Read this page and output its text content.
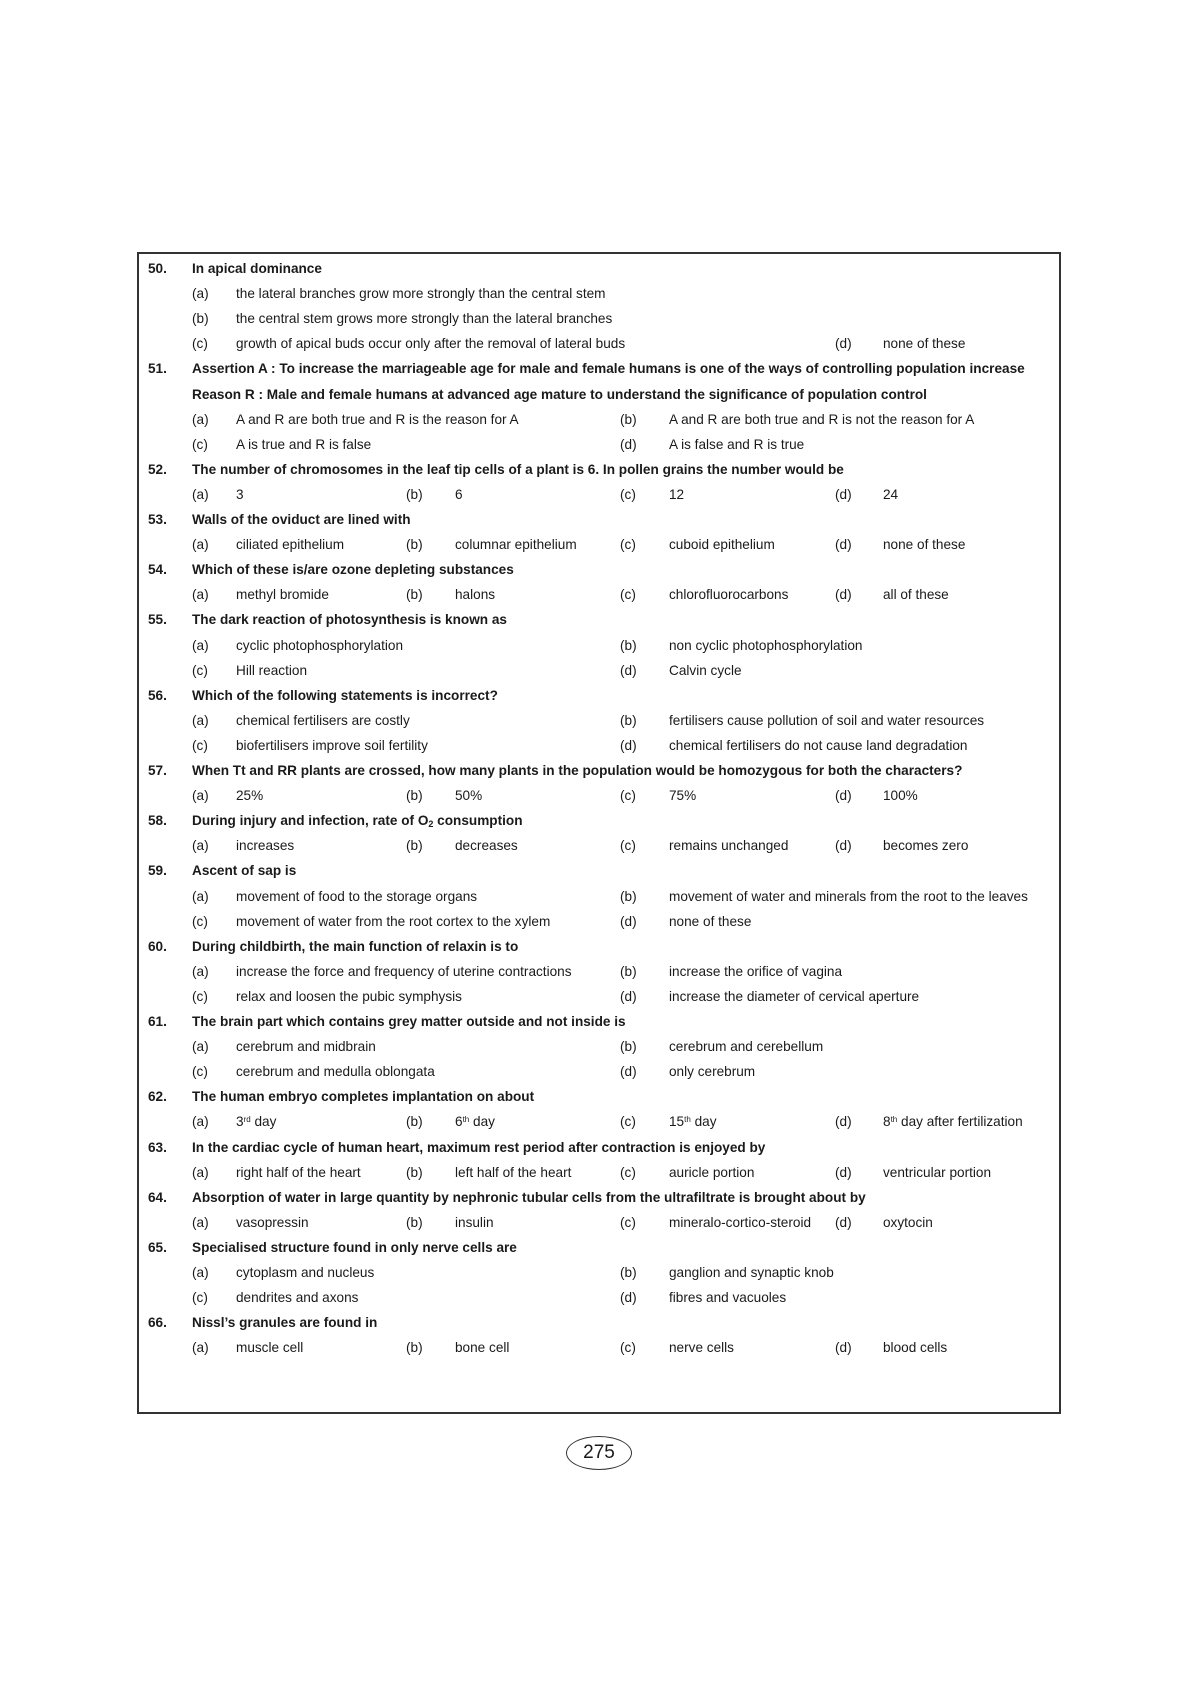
50. In apical dominance
(a) the lateral branches grow more strongly than the central stem
(b) the central stem grows more strongly than the lateral branches
(c) growth of apical buds occur only after the removal of lateral buds	(d) none of these
51. Assertion A : To increase the marriageable age for male and female humans is one of the ways of controlling population increase
Reason R : Male and female humans at advanced age mature to understand the significance of population control
(a) A and R are both true and R is the reason for A	(b) A and R are both true and R is not the reason for A
(c) A is true and R is false	(d) A is false and R is true
52. The number of chromosomes in the leaf tip cells of a plant is 6. In pollen grains the number would be
(a) 3	(b) 6	(c) 12	(d) 24
53. Walls of the oviduct are lined with
(a) ciliated epithelium	(b) columnar epithelium	(c) cuboid epithelium	(d) none of these
54. Which of these is/are ozone depleting substances
(a) methyl bromide	(b) halons	(c) chlorofluorocarbons	(d) all of these
55. The dark reaction of photosynthesis is known as
(a) cyclic photophosphorylation	(b) non cyclic photophosphorylation
(c) Hill reaction	(d) Calvin cycle
56. Which of the following statements is incorrect?
(a) chemical fertilisers are costly	(b) fertilisers cause pollution of soil and water resources
(c) biofertilisers improve soil fertility	(d) chemical fertilisers do not cause land degradation
57. When Tt and RR plants are crossed, how many plants in the population would be homozygous for both the characters?
(a) 25%	(b) 50%	(c) 75%	(d) 100%
58. During injury and infection, rate of $O_2$ consumption
(a) increases	(b) decreases	(c) remains unchanged	(d) becomes zero
59. Ascent of sap is
(a) movement of food to the storage organs	(b) movement of water and minerals from the root to the leaves
(c) movement of water from the root cortex to the xylem	(d) none of these
60. During childbirth, the main function of relaxin is to
(a) increase the force and frequency of uterine contractions	(b) increase the orifice of vagina
(c) relax and loosen the pubic symphysis	(d) increase the diameter of cervical aperture
61. The brain part which contains grey matter outside and not inside is
(a) cerebrum and midbrain	(b) cerebrum and cerebellum
(c) cerebrum and medulla oblongata	(d) only cerebrum
62. The human embryo completes implantation on about
(a) 3rd day	(b) 6th day	(c) 15th day	(d) 8th day after fertilization
63. In the cardiac cycle of human heart, maximum rest period after contraction is enjoyed by
(a) right half of the heart	(b) left half of the heart	(c) auricle portion	(d) ventricular portion
64. Absorption of water in large quantity by nephronic tubular cells from the ultrafiltrate is brought about by
(a) vasopressin	(b) insulin	(c) mineralo-cortico-steroid (d) oxytocin
65. Specialised structure found in only nerve cells are
(a) cytoplasm and nucleus	(b) ganglion and synaptic knob
(c) dendrites and axons	(d) fibres and vacuoles
66. Nissl’s granules are found in
(a) muscle cell	(b) bone cell	(c) nerve cells	(d) blood cells
275
